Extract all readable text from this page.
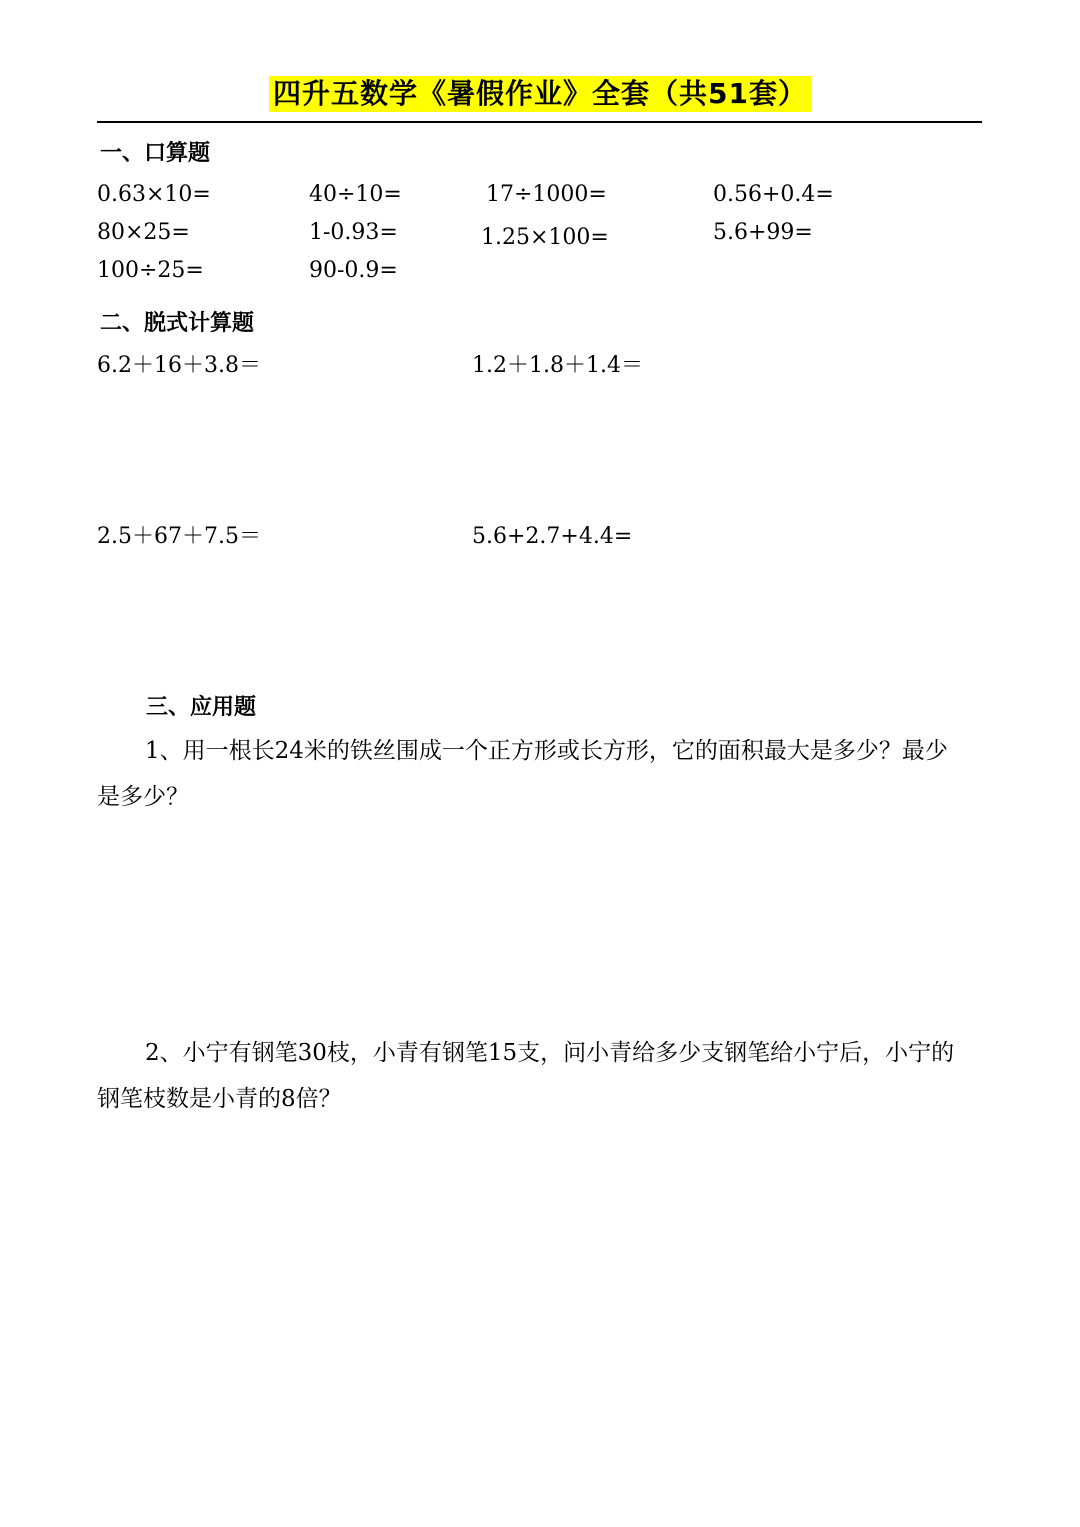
四升五数学《暑假作业》全套（共51套）
一、口算题
0.63×10=	40÷10=	17÷1000=	0.56+0.4=
80×25=	1-0.93=	1.25×100=	5.6+99=
100÷25=	90-0.9=
二、脱式计算题
6.2＋16＋3.8＝	1.2＋1.8＋1.4＝
2.5＋67＋7.5＝	5.6+2.7+4.4=
三、应用题
1、用一根长24米的铁丝围成一个正方形或长方形，它的面积最大是多少？最少是多少？
2、小宁有钢笔30枝，小青有钢笔15支，问小青给多少支钢笔给小宁后，小宁的钢笔枝数是小青的8倍？
